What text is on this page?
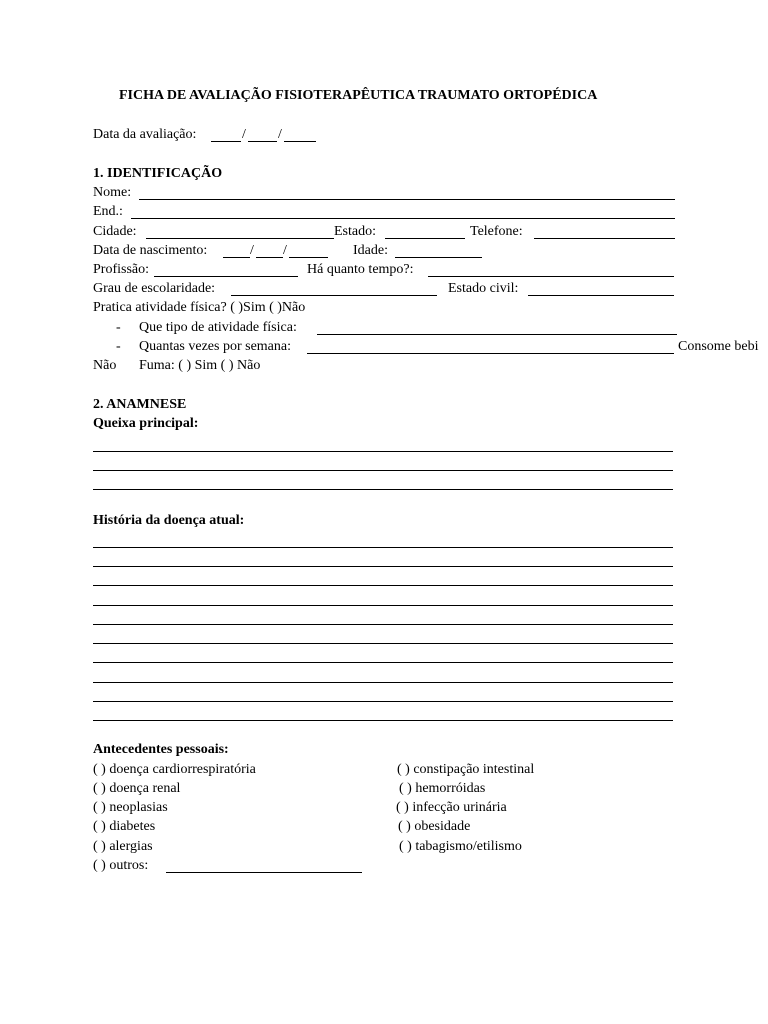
FICHA DE AVALIAÇÃO FISIOTERAPÊUTICA TRAUMATO ORTOPÉDICA
Data da avaliação:	/ /
1. IDENTIFICAÇÃO
Nome:
End.:
Cidade:	Estado:	Telefone:
Data de nascimento:	/ /	Idade:
Profissão:	Há quanto tempo?:
Grau de escolaridade:	Estado civil:
Pratica atividade física? ( )Sim ( )Não
- Que tipo de atividade física:
- Quantas vezes por semana:	Consome bebi
Não Fuma: ( ) Sim ( ) Não
2. ANAMNESE
Queixa principal:
História da doença atual:
Antecedentes pessoais:
( ) doença cardiorrespiratória
( ) doença renal
( ) neoplasias
( ) diabetes
( ) alergias
( ) outros:
( ) constipação intestinal
( ) hemorróidas
( ) infecção urinária
( ) obesidade
( ) tabagismo/etilismo
